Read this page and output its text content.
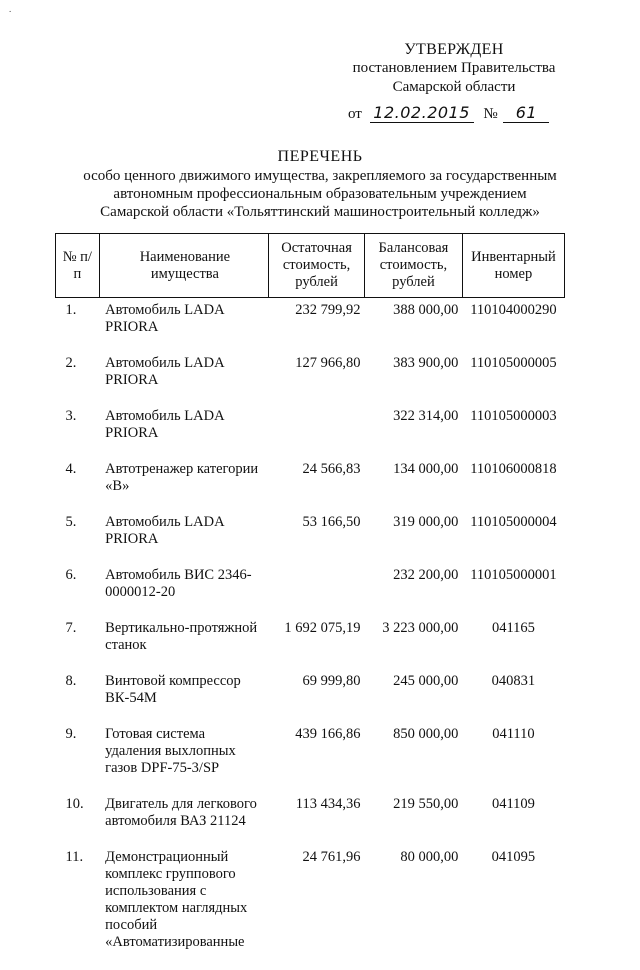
.
УТВЕРЖДЕН
постановлением Правительства
Самарской области
от 12.02.2015 № 61
ПЕРЕЧЕНЬ
особо ценного движимого имущества, закрепляемого за государственным
автономным профессиональным образовательным учреждением
Самарской области «Тольяттинский машиностроительный колледж»
№ п/п	Наименование имущества	Остаточная стоимость, рублей	Балансовая стоимость, рублей	Инвентарный номер
1.	Автомобиль LADA PRIORA	232 799,92	388 000,00	110104000290
2.	Автомобиль LADA PRIORA	127 966,80	383 900,00	110105000005
3.	Автомобиль LADA PRIORA		322 314,00	110105000003
4.	Автотренажер категории «В»	24 566,83	134 000,00	110106000818
5.	Автомобиль LADA PRIORA	53 166,50	319 000,00	110105000004
6.	Автомобиль ВИС 2346-0000012-20		232 200,00	110105000001
7.	Вертикально-протяжной станок	1 692 075,19	3 223 000,00	041165
8.	Винтовой компрессор ВК-54М	69 999,80	245 000,00	040831
9.	Готовая система удаления выхлопных газов DPF-75-3/SP	439 166,86	850 000,00	041110
10.	Двигатель для легкового автомобиля ВАЗ 21124	113 434,36	219 550,00	041109
11.	Демонстрационный комплекс группового использования с комплектом наглядных пособий «Автоматизированные	24 761,96	80 000,00	041095
